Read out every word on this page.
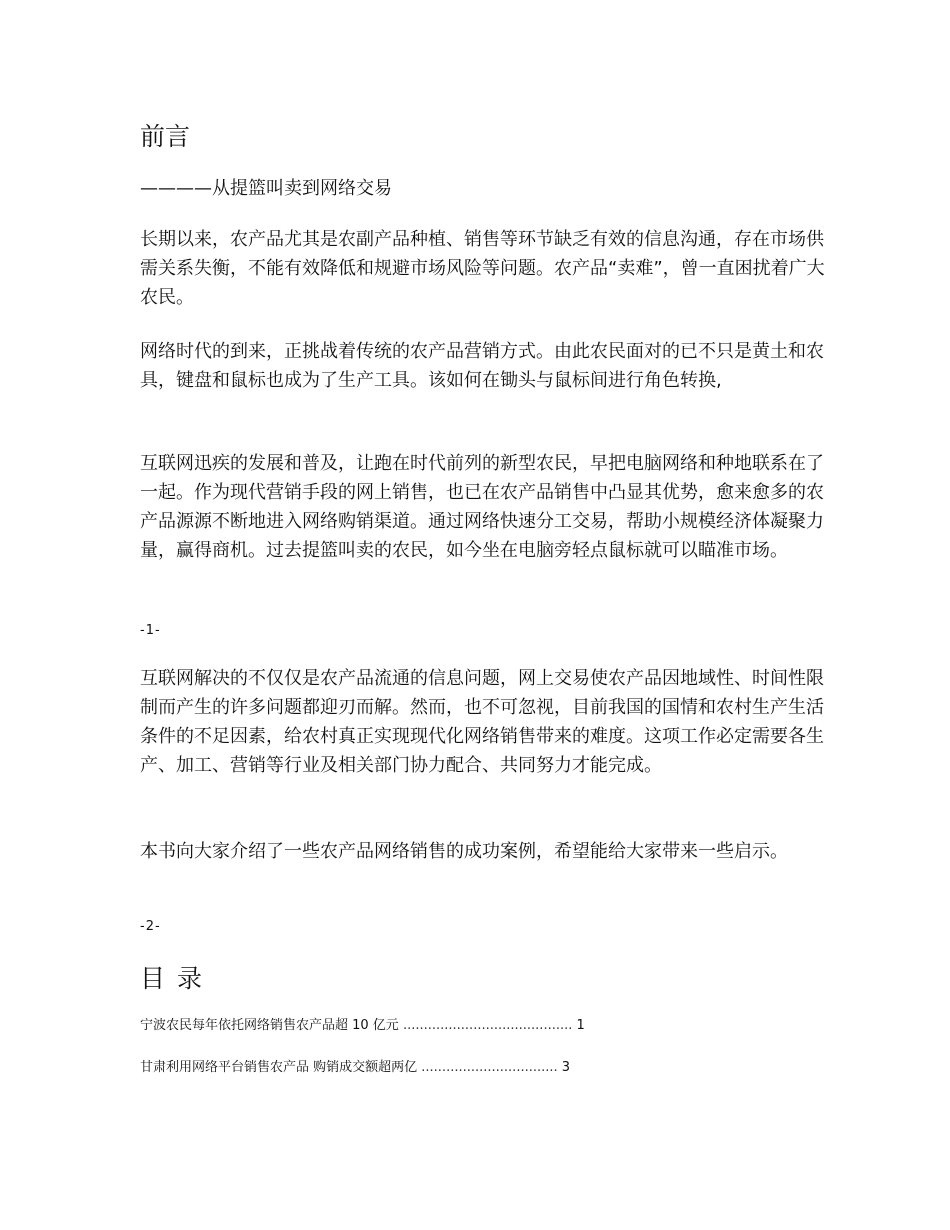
前言
————从提篮叫卖到网络交易

长期以来，农产品尤其是农副产品种植、销售等环节缺乏有效的信息沟通，存在市场供需关系失衡，不能有效降低和规避市场风险等问题。农产品“卖难”，曾一直困扰着广大农民。

网络时代的到来，正挑战着传统的农产品营销方式。由此农民面对的已不只是黄土和农具，键盘和鼠标也成为了生产工具。该如何在锄头与鼠标间进行角色转换,

互联网迅疾的发展和普及，让跑在时代前列的新型农民，早把电脑网络和种地联系在了一起。作为现代营销手段的网上销售，也已在农产品销售中凸显其优势，愈来愈多的农产品源源不断地进入网络购销渠道。通过网络快速分工交易，帮助小规模经济体凝聚力量，赢得商机。过去提篮叫卖的农民，如今坐在电脑旁轻点鼠标就可以瞄准市场。

-1-

互联网解决的不仅仅是农产品流通的信息问题，网上交易使农产品因地域性、时间性限制而产生的许多问题都迎刃而解。然而，也不可忽视，目前我国的国情和农村生产生活条件的不足因素，给农村真正实现现代化网络销售带来的难度。这项工作必定需要各生产、加工、营销等行业及相关部门协力配合、共同努力才能完成。

本书向大家介绍了一些农产品网络销售的成功案例，希望能给大家带来一些启示。

-2-
目 录
宁波农民每年依托网络销售农产品超 10 亿元 ......................................... 1
甘肃利用网络平台销售农产品 购销成交额超两亿 ................................. 3
